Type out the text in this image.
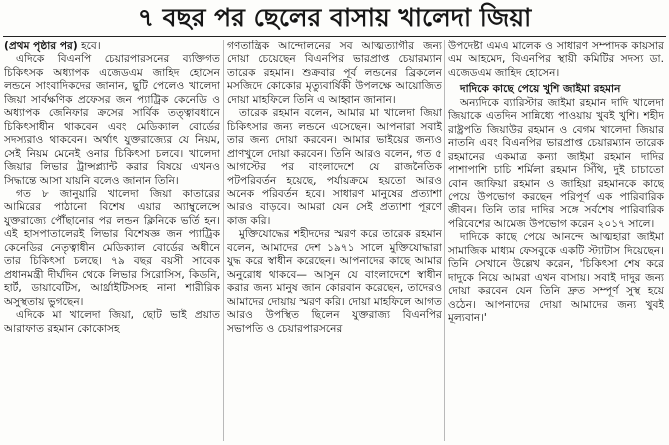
৭ বছর পর ছেলের বাসায় খালেদা জিয়া

(প্রথম পৃষ্ঠার পর) হবে।

এদিকে বিএনপি চেয়ারপারসনের ব্যক্তিগত চিকিৎসক অধ্যাপক এজেডএম জাহিদ হোসেন লন্ডনে সাংবাদিকদের জানান, ছুটি পেলেও খালেদা জিয়া সার্বক্ষণিক প্রফেসর জন প্যাট্রিক কেনেডি ও অধ্যাপক জেনিফার ক্রসের সার্বিক তত্ত্বাবধানে চিকিৎসাধীন থাকবেন এবং মেডিক্যাল বোর্ডের সদস্যরাও থাকবেন। অর্থাৎ যুক্তরাজ্যের যে নিয়ম, সেই নিয়ম মেনেই ওনার চিকিৎসা চলবে। খালেদা জিয়ার লিভার ট্রান্সপ্ল্যান্ট করার বিষয়ে এখনও সিদ্ধান্তে আসা যায়নি বলেও জানান তিনি।

গত ৮ জানুয়ারি খালেদা জিয়া কাতারের আমিরের পাঠানো বিশেষ এয়ার অ্যাম্বুলেন্সে যুক্তরাজ্যে পৌঁছানোর পর লন্ডন ক্লিনিকে ভর্তি হন। এই হাসপাতালেরই লিভার বিশেষজ্ঞ জন প্যাট্রিক কেনেডির নেতৃত্বাধীন মেডিক্যাল বোর্ডের অধীনে তার চিকিৎসা চলছে। ৭৯ বছর বয়সী সাবেক প্রধানমন্ত্রী দীর্ঘদিন থেকে লিভার সিরোসিস, কিডনি, হার্ট, ডায়াবেটিস, আর্থ্রাইটিসসহ নানা শারীরিক অসুস্থতায় ভুগছেন।

এদিকে মা খালেদা জিয়া, ছোট ভাই প্রয়াত আরাফাত রহমান কোকোসহ

গণতান্ত্রিক আন্দোলনের সব আত্মত্যাগীর জন্য দোয়া চেয়েছেন বিএনপির ভারপ্রাপ্ত চেয়ারম্যান তারেক রহমান। শুক্রবার পূর্ব লন্ডনের ব্রিকলেন মসজিদে কোকোর মৃত্যুবার্ষিকী উপলক্ষে আয়োজিত দোয়া মাহফিলে তিনি এ আহ্বান জানান।

তারেক রহমান বলেন, আমার মা খালেদা জিয়া চিকিৎসার জন্য লন্ডনে এসেছেন। আপনারা সবাই তার জন্য দোয়া করবেন। আমার ভাইয়ের জন্যও প্রাণখুলে দোয়া করবেন। তিনি আরও বলেন, গত ৫ আগস্টের পর বাংলাদেশে যে রাজনৈতিক পটপরিবর্তন হয়েছে, পর্যায়ক্রমে হয়তো আরও অনেক পরিবর্তন হবে। সাধারণ মানুষের প্রত্যাশা আরও বাড়বে। আমরা যেন সেই প্রত্যাশা পূরণে কাজ করি।

মুক্তিযোদ্ধের শহীদদের স্মরণ করে তারেক রহমান বলেন, আমাদের দেশ ১৯৭১ সালে মুক্তিযোদ্ধারা যুদ্ধ করে স্বাধীন করেছেন। আপনাদের কাছে আমার অনুরোধ থাকবে— আসুন যে বাংলাদেশে স্বাধীন করার জন্য মানুষ জান কোরবান করেছেন, তাদেরও আমাদের দোয়ায় স্মরণ করি। দোয়া মাহফিলে আগত আরও উপস্থিত ছিলেন যুক্তরাজ্য বিএনপির সভাপতি ও চেয়ারপারসনের

উপদেষ্টা এমএ মালেক ও সাধারণ সম্পাদক কায়সার এম আহমেদ, বিএনপির স্থায়ী কমিটির সদস্য ডা. এজেডএম জাহিদ হোসেন।

দাদিকে কাছে পেয়ে খুশি জাইমা রহমান

অন্যদিকে ব্যারিস্টার জাইমা রহমান দাদি খালেদা জিয়াকে এতদিন সান্নিধ্যে পাওয়ায় খুবই খুশি। শহীদ রাষ্ট্রপতি জিয়াউর রহমান ও বেগম খালেদা জিয়ার নাতনি এবং বিএনপির ভারপ্রাপ্ত চেয়ারম্যান তারেক রহমানের একমাত্র কন্যা জাইমা রহমান দাদির পাশাপাশি চাচি শর্মিলা রহমান সিঁথি, দুই চাচাতো বোন জাফিয়া রহমান ও জাহিয়া রহমানকে কাছে পেয়ে উপভোগ করছেন পরিপূর্ণ এক পারিবারিক জীবন। তিনি তার দাদির সঙ্গে সর্বশেষ পারিবারিক পরিবেশের আমেজ উপভোগ করেন ২০১৭ সালে।

দাদিকে কাছে পেয়ে আনন্দে আত্মহারা জাইমা সামাজিক মাধ্যম ফেসবুকে একটি স্ট্যাটাস দিয়েছেন। তিনি সেখানে উল্লেখ করেন, 'চিকিৎসা শেষ করে দাদুকে নিয়ে আমরা এখন বাসায়। সবাই দাদুর জন্য দোয়া করবেন যেন তিনি দ্রুত সম্পূর্ণ সুস্থ হয়ে ওঠেন। আপনাদের দোয়া আমাদের জন্য খুবই মূল্যবান।'
